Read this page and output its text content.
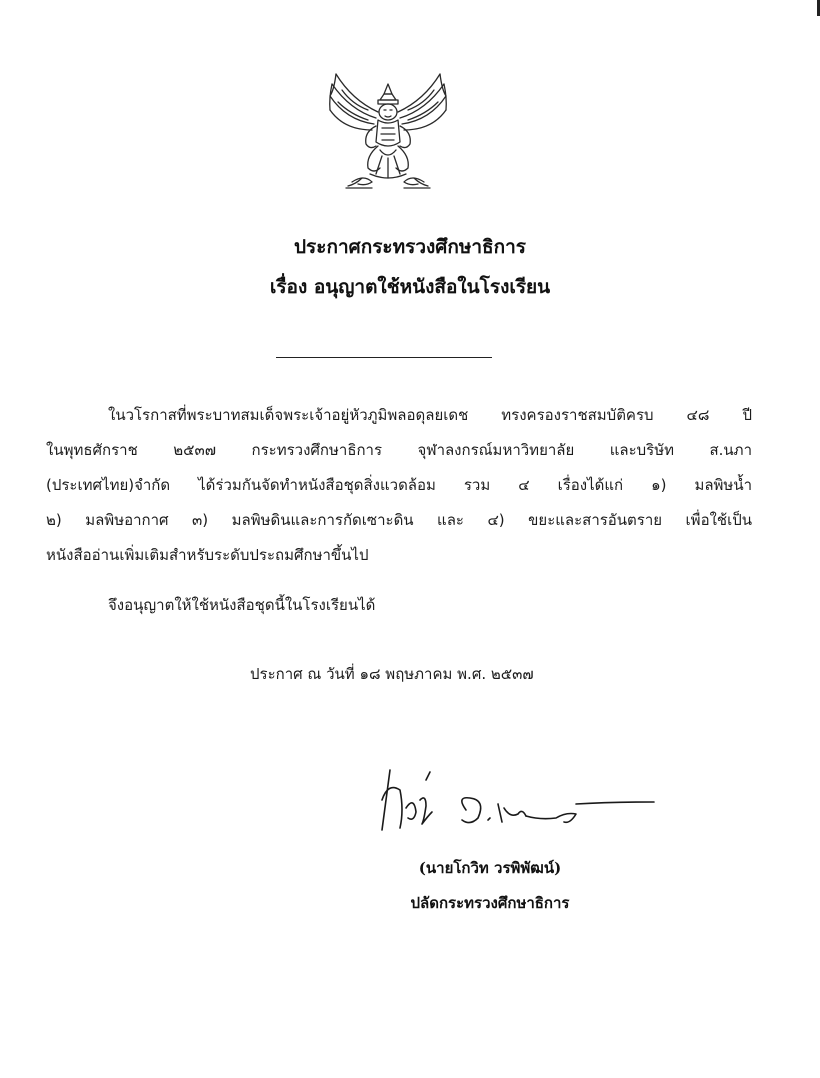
ประกาศกระทรวงศึกษาธิการ
เรื่อง อนุญาตใช้หนังสือในโรงเรียน
ในวโรกาสที่พระบาทสมเด็จพระเจ้าอยู่หัวภูมิพลอดุลยเดช ทรงครองราชสมบัติครบ ๔๘ ปี
ในพุทธศักราช ๒๕๓๗ กระทรวงศึกษาธิการ จุฬาลงกรณ์มหาวิทยาลัย และบริษัท ส.นภา
(ประเทศไทย)จำกัด ได้ร่วมกันจัดทำหนังสือชุดสิ่งแวดล้อม รวม ๔ เรื่องได้แก่ ๑) มลพิษน้ำ
๒) มลพิษอากาศ ๓) มลพิษดินและการกัดเซาะดิน และ ๔) ขยะและสารอันตราย เพื่อใช้เป็น
หนังสืออ่านเพิ่มเติมสำหรับระดับประถมศึกษาขึ้นไป
จึงอนุญาตให้ใช้หนังสือชุดนี้ในโรงเรียนได้
ประกาศ ณ วันที่ ๑๘ พฤษภาคม พ.ศ. ๒๕๓๗
(นายโกวิท วรพิพัฒน์)
ปลัดกระทรวงศึกษาธิการ
